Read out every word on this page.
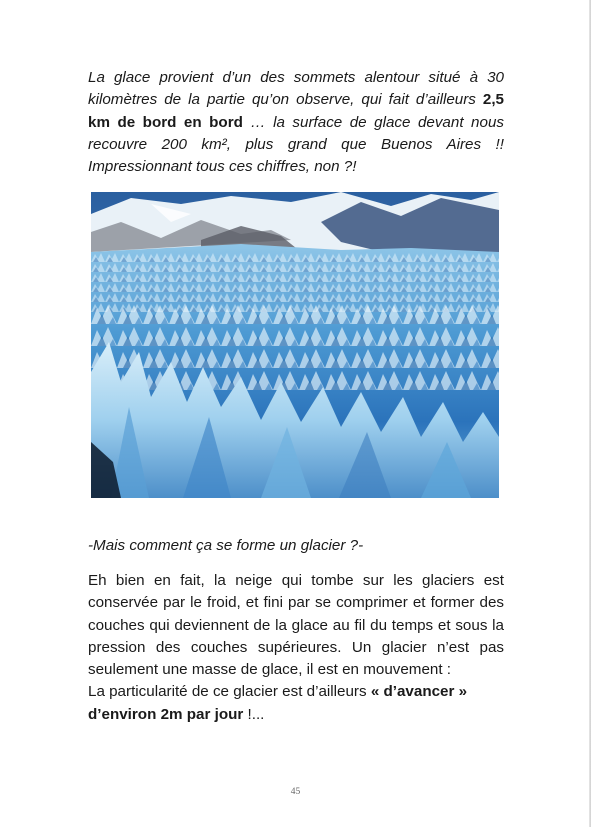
La glace provient d’un des sommets alentour situé à 30 kilomètres de la partie qu’on observe, qui fait d’ailleurs 2,5 km de bord en bord … la surface de glace devant nous recouvre 200 km², plus grand que Buenos Aires !! Impressionnant tous ces chiffres, non ?!

-Mais comment ça se forme un glacier ?-

Eh bien en fait, la neige qui tombe sur les glaciers est conservée par le froid, et fini par se comprimer et former des couches qui deviennent de la glace au fil du temps et sous la pression des couches supérieures. Un glacier n’est pas seulement une masse de glace, il est en mouvement :
La particularité de ce glacier est d’ailleurs « d’avancer » d’environ 2m par jour !...

45
